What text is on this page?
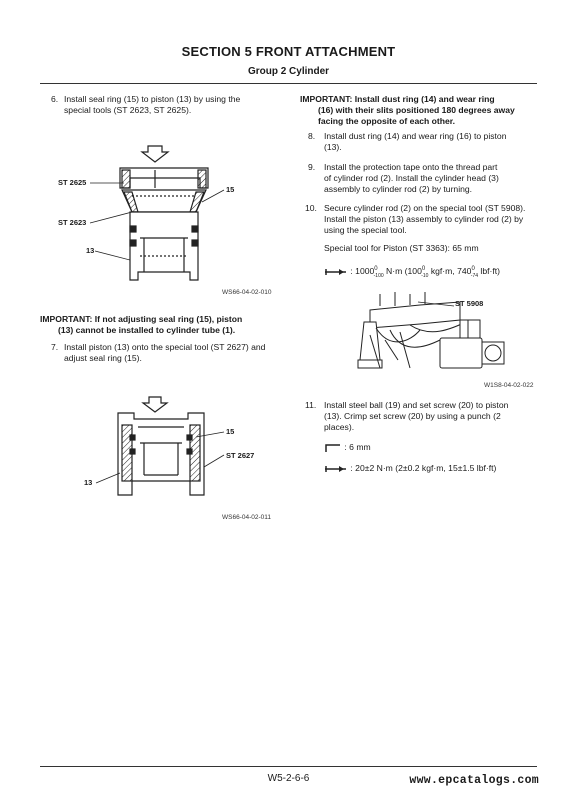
SECTION 5 FRONT ATTACHMENT
Group 2 Cylinder
6. Install seal ring (15) to piston (13) by using the
special tools (ST 2623, ST 2625).
ST 2625
ST 2623
15
13
WS66-04-02-010
IMPORTANT: If not adjusting seal ring (15), piston
(13) cannot be installed to cylinder tube (1).
7. Install piston (13) onto the special tool (ST 2627) and
adjust seal ring (15).
15
ST 2627
13
WS66-04-02-011
IMPORTANT: Install dust ring (14) and wear ring
(16) with their slits positioned 180 degrees away
facing the opposite of each other.
8. Install dust ring (14) and wear ring (16) to piston
(13).
9. Install the protection tape onto the thread part
of cylinder rod (2). Install the cylinder head (3)
assembly to cylinder rod (2) by turning.
10. Secure cylinder rod (2) on the special tool (ST 5908).
Install the piston (13) assembly to cylinder rod (2) by
using the special tool.
Special tool for Piston (ST 3363): 65 mm
: $1000^0_{-100}$ N·m ($100^0_{-10}$ kgf·m, $740^0_{-74}$ lbf·ft)
ST 5908
W1S8-04-02-022
11. Install steel ball (19) and set screw (20) to piston
(13). Crimp set screw (20) by using a punch (2
places).
: 6 mm
: 20±2 N·m (2±0.2 kgf·m, 15±1.5 lbf·ft)
W5-2-6-6	www.epcatalogs.com
